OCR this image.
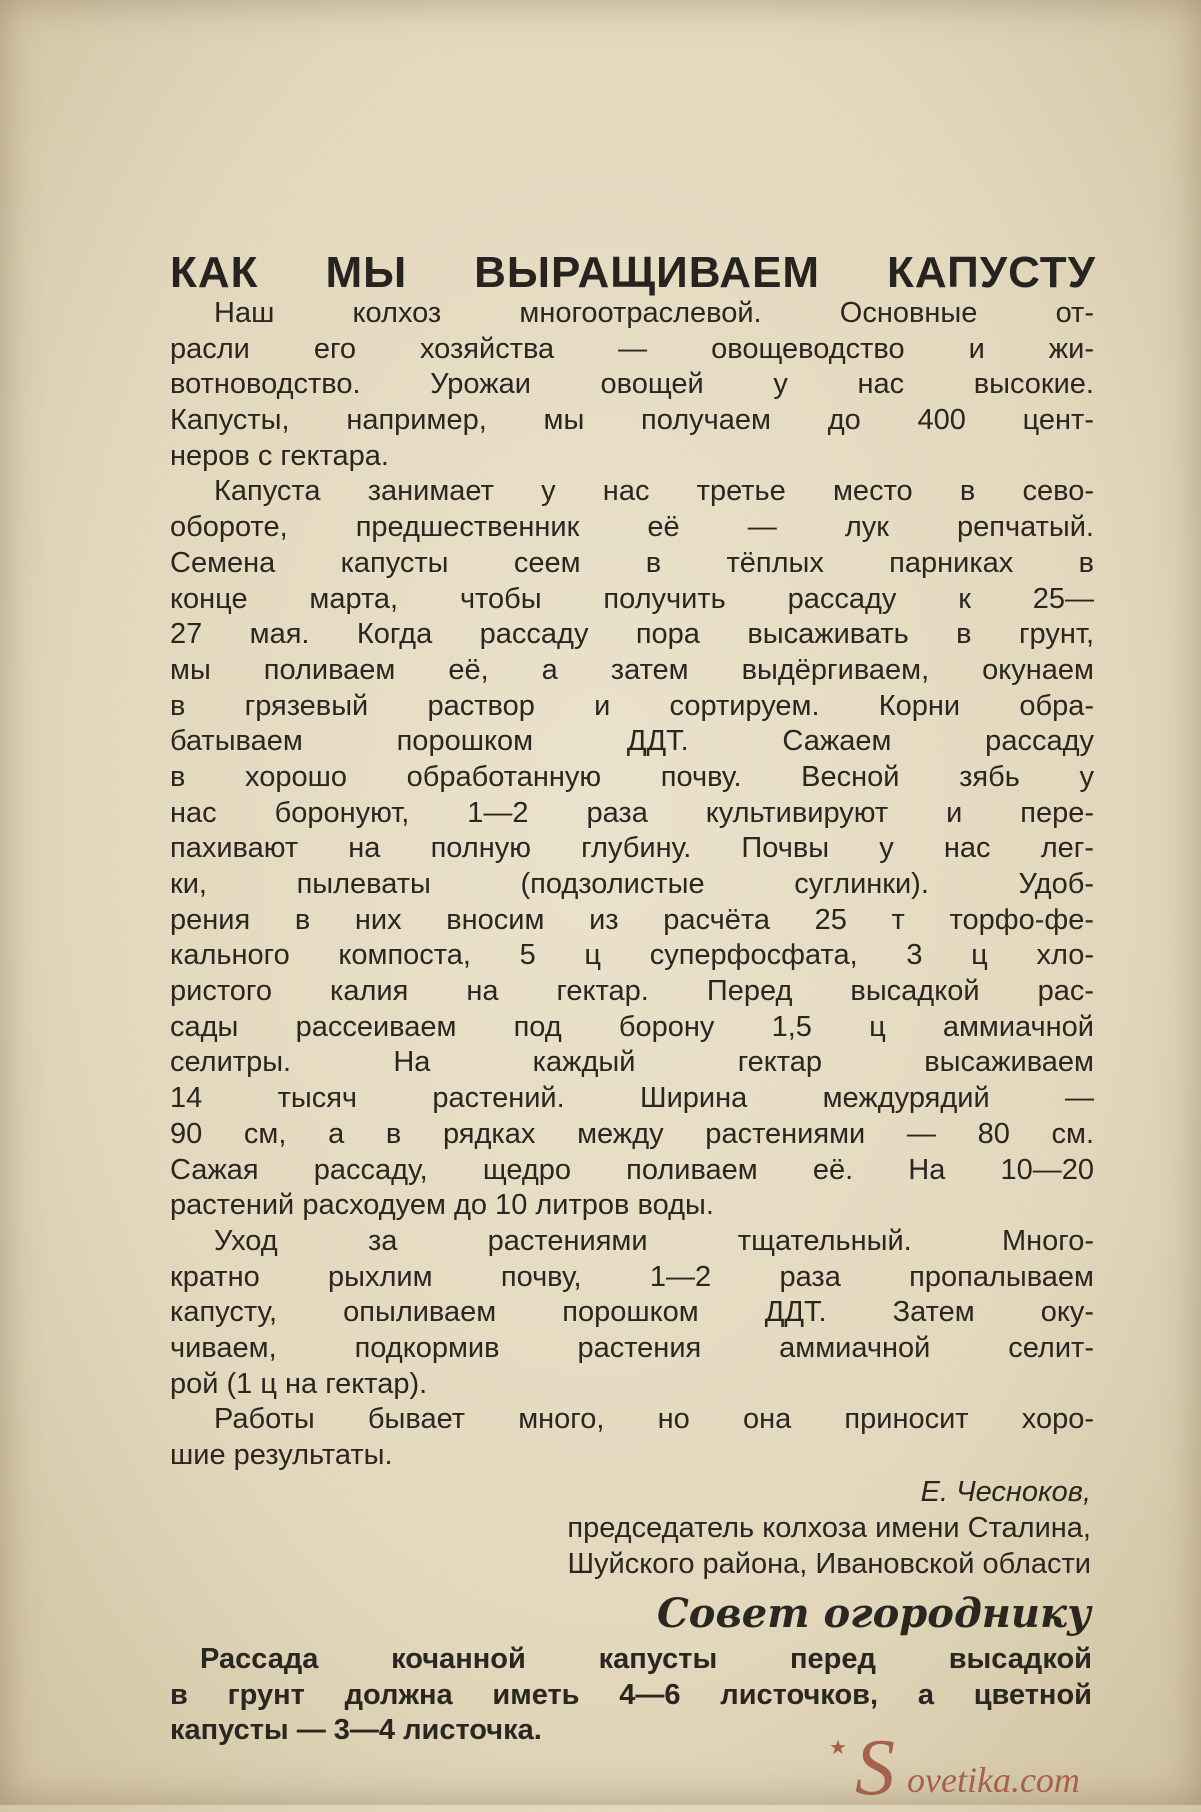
КАК МЫ ВЫРАЩИВАЕМ КАПУСТУ
Наш колхоз многоотраслевой. Основные от-
расли его хозяйства — овощеводство и жи-
вотноводство. Урожаи овощей у нас высокие.
Капусты, например, мы получаем до 400 цент-
неров с гектара.
Капуста занимает у нас третье место в сево-
обороте, предшественник её — лук репчатый.
Семена капусты сеем в тёплых парниках в
конце марта, чтобы получить рассаду к 25—
27 мая. Когда рассаду пора высаживать в грунт,
мы поливаем её, а затем выдёргиваем, окунаем
в грязевый раствор и сортируем. Корни обра-
батываем порошком ДДТ. Сажаем рассаду
в хорошо обработанную почву. Весной зябь у
нас боронуют, 1—2 раза культивируют и пере-
пахивают на полную глубину. Почвы у нас лег-
ки, пылеваты (подзолистые суглинки). Удоб-
рения в них вносим из расчёта 25 т торфо-фе-
кального компоста, 5 ц суперфосфата, 3 ц хло-
ристого калия на гектар. Перед высадкой рас-
сады рассеиваем под борону 1,5 ц аммиачной
селитры. На каждый гектар высаживаем
14 тысяч растений. Ширина междурядий —
90 см, а в рядках между растениями — 80 см.
Сажая рассаду, щедро поливаем её. На 10—20
растений расходуем до 10 литров воды.
Уход за растениями тщательный. Много-
кратно рыхлим почву, 1—2 раза пропалываем
капусту, опыливаем порошком ДДТ. Затем оку-
чиваем, подкормив растения аммиачной селит-
рой (1 ц на гектар).
Работы бывает много, но она приносит хоро-
шие результаты.
Е. Чесноков,
председатель колхоза имени Сталина,
Шуйского района, Ивановской области
Совет огороднику
Рассада кочанной капусты перед высадкой
в грунт должна иметь 4—6 листочков, а цветной
капусты — 3—4 листочка.
★ S ovetika.com
